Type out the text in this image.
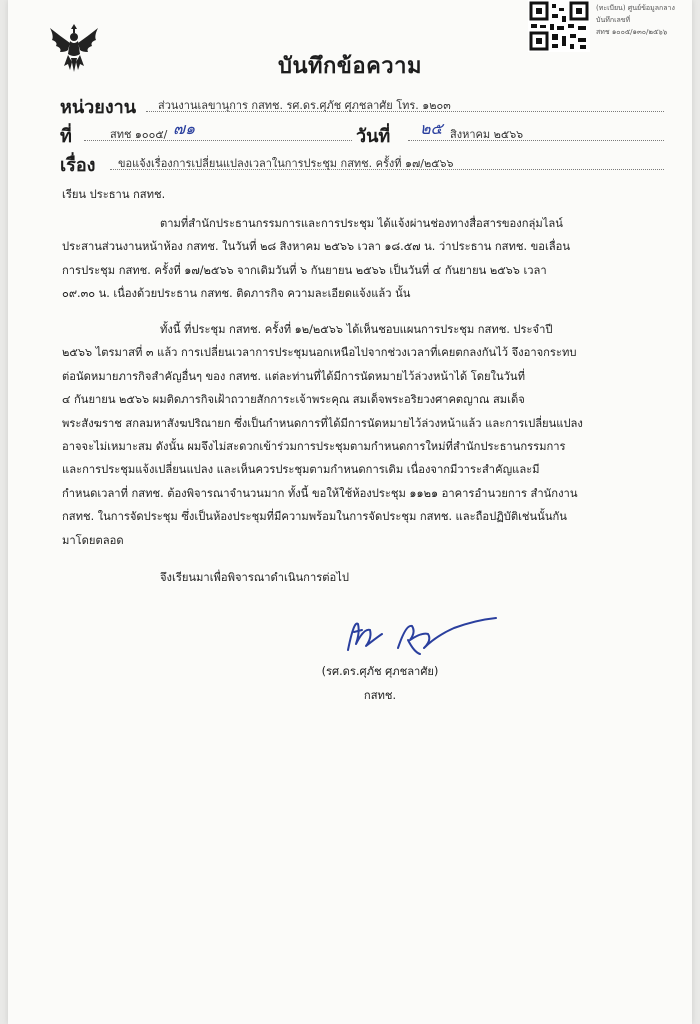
(ทะเบียน) ศูนย์ข้อมูลกลาง
บันทึกเลขที่
สทช ๑๐๐๕/๑๓๐/๒๕๖๖
บันทึกข้อความ
หน่วยงาน ส่วนงานเลขานุการ กสทช. รศ.ดร.ศุภัช ศุภชลาศัย โทร. ๑๒๐๓
ที่	สทช ๑๐๐๕/ ๗๑	วันที่ ๒๕ สิงหาคม ๒๕๖๖
เรื่อง ขอแจ้งเรื่องการเปลี่ยนแปลงเวลาในการประชุม กสทช. ครั้งที่ ๑๗/๒๕๖๖
เรียน ประธาน กสทช.
ตามที่สำนักประธานกรรมการและการประชุม ได้แจ้งผ่านช่องทางสื่อสารของกลุ่มไลน์
ประสานส่วนงานหน้าห้อง กสทช. ในวันที่ ๒๘ สิงหาคม ๒๕๖๖ เวลา ๑๘.๕๗ น. ว่าประธาน กสทช. ขอเลื่อน
การประชุม กสทช. ครั้งที่ ๑๗/๒๕๖๖ จากเดิมวันที่ ๖ กันยายน ๒๕๖๖ เป็นวันที่ ๔ กันยายน ๒๕๖๖ เวลา
๐๙.๓๐ น. เนื่องด้วยประธาน กสทช. ติดภารกิจ ความละเอียดแจ้งแล้ว นั้น
ทั้งนี้ ที่ประชุม กสทช. ครั้งที่ ๑๒/๒๕๖๖ ได้เห็นชอบแผนการประชุม กสทช. ประจำปี
๒๕๖๖ ไตรมาสที่ ๓ แล้ว การเปลี่ยนเวลาการประชุมนอกเหนือไปจากช่วงเวลาที่เคยตกลงกันไว้ จึงอาจกระทบ
ต่อนัดหมายภารกิจสำคัญอื่นๆ ของ กสทช. แต่ละท่านที่ได้มีการนัดหมายไว้ล่วงหน้าได้ โดยในวันที่
๔ กันยายน ๒๕๖๖ ผมติดภารกิจเฝ้าถวายสักการะเจ้าพระคุณ สมเด็จพระอริยวงศาคตญาณ สมเด็จ
พระสังฆราช สกลมหาสังฆปริณายก ซึ่งเป็นกำหนดการที่ได้มีการนัดหมายไว้ล่วงหน้าแล้ว และการเปลี่ยนแปลง
อาจจะไม่เหมาะสม ดังนั้น ผมจึงไม่สะดวกเข้าร่วมการประชุมตามกำหนดการใหม่ที่สำนักประธานกรรมการ
และการประชุมแจ้งเปลี่ยนแปลง และเห็นควรประชุมตามกำหนดการเดิม เนื่องจากมีวาระสำคัญและมี
กำหนดเวลาที่ กสทช. ต้องพิจารณาจำนวนมาก ทั้งนี้ ขอให้ใช้ห้องประชุม ๑๑๒๑ อาคารอำนวยการ สำนักงาน
กสทช. ในการจัดประชุม ซึ่งเป็นห้องประชุมที่มีความพร้อมในการจัดประชุม กสทช. และถือปฏิบัติเช่นนั้นกัน
มาโดยตลอด
จึงเรียนมาเพื่อพิจารณาดำเนินการต่อไป
(รศ.ดร.ศุภัช ศุภชลาศัย)
กสทช.
